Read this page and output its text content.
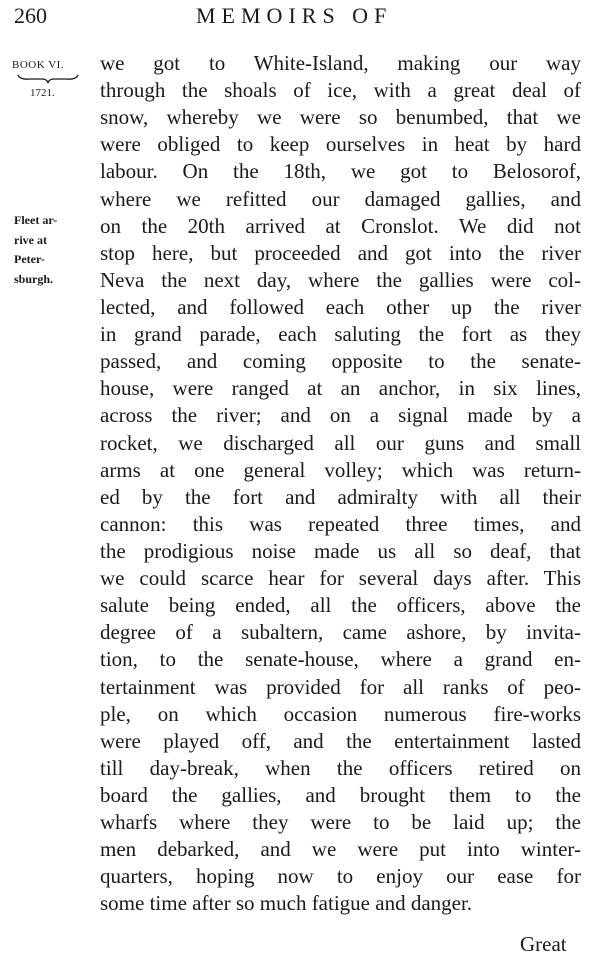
260	MEMOIRS OF
BOOK VI.
1721.
Fleet ar-
rive at
Peter-
sburgh.
we got to White-Island, making our way
through the shoals of ice, with a great deal of
snow, whereby we were so benumbed, that we
were obliged to keep ourselves in heat by hard
labour. On the 18th, we got to Belosorof,
where we refitted our damaged gallies, and
on the 20th arrived at Cronslot. We did not
stop here, but proceeded and got into the river
Neva the next day, where the gallies were col-
lected, and followed each other up the river
in grand parade, each saluting the fort as they
passed, and coming opposite to the senate-
house, were ranged at an anchor, in six lines,
across the river; and on a signal made by a
rocket, we discharged all our guns and small
arms at one general volley; which was return-
ed by the fort and admiralty with all their
cannon: this was repeated three times, and
the prodigious noise made us all so deaf, that
we could scarce hear for several days after. This
salute being ended, all the officers, above the
degree of a subaltern, came ashore, by invita-
tion, to the senate-house, where a grand en-
tertainment was provided for all ranks of peo-
ple, on which occasion numerous fire-works
were played off, and the entertainment lasted
till day-break, when the officers retired on
board the gallies, and brought them to the
wharfs where they were to be laid up; the
men debarked, and we were put into winter-
quarters, hoping now to enjoy our ease for
some time after so much fatigue and danger.
Great
